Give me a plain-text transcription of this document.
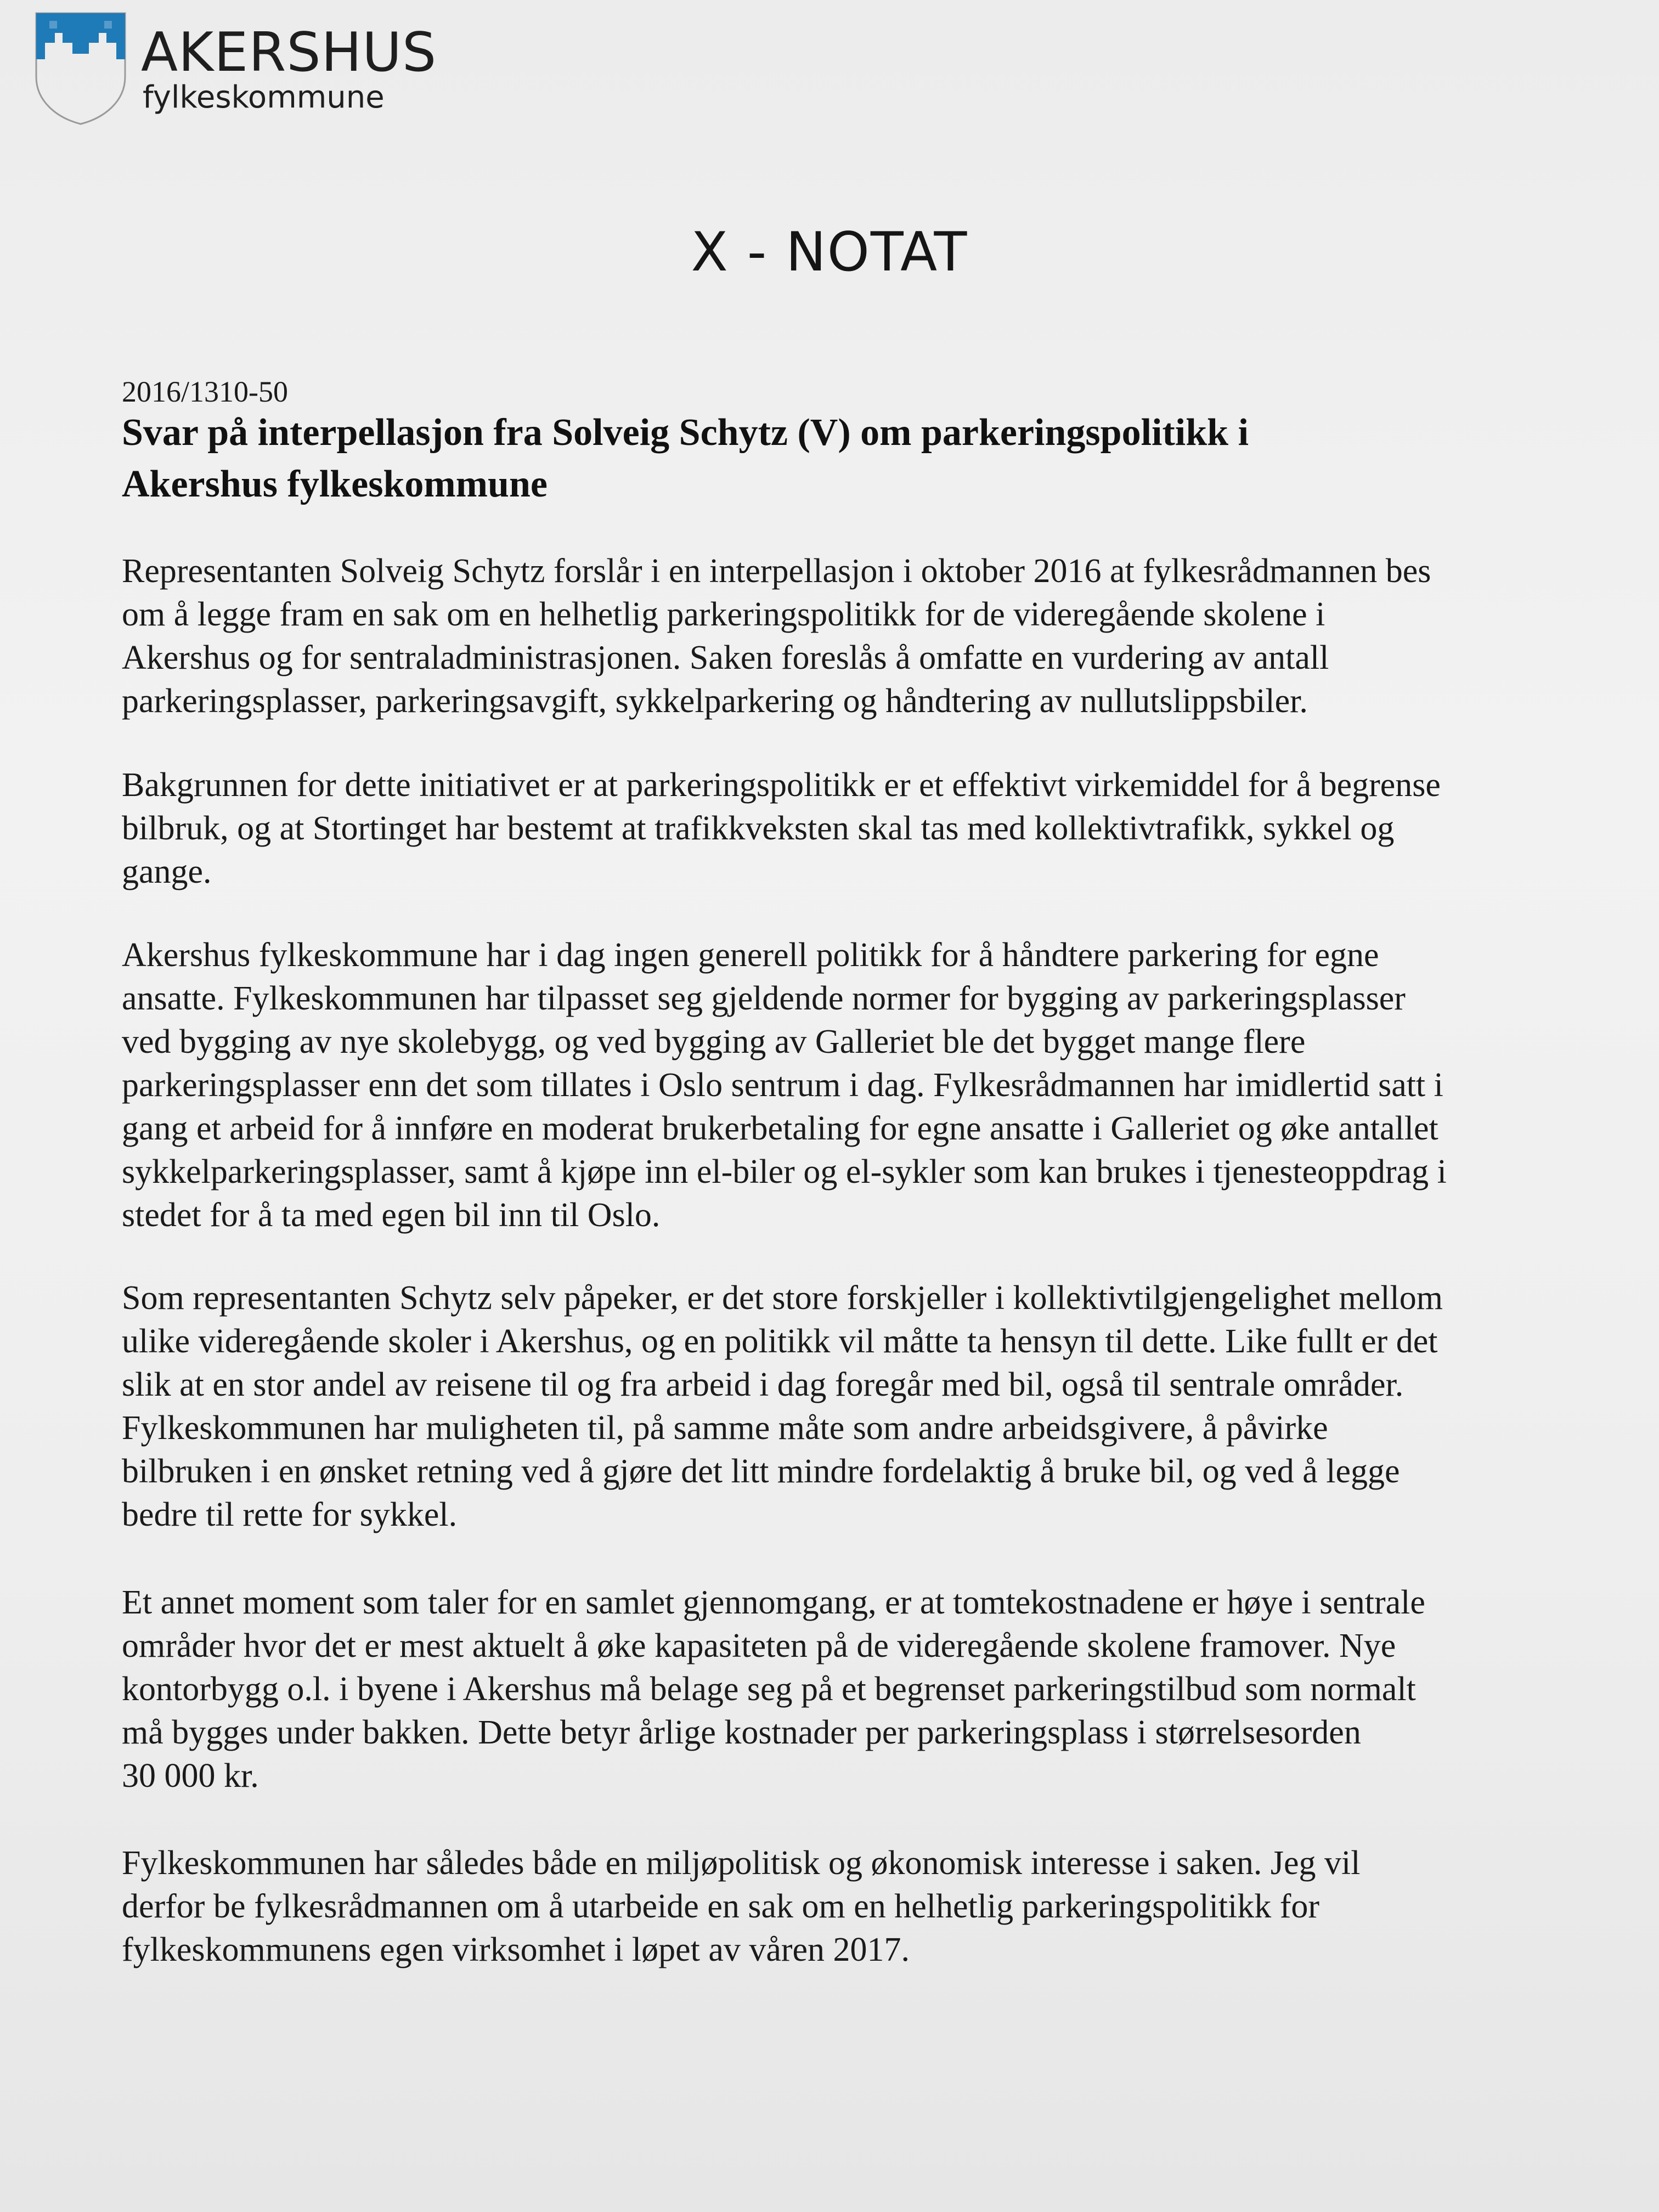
AKERSHUS
fylkeskommune
X - NOTAT
2016/1310-50
Svar på interpellasjon fra Solveig Schytz (V) om parkeringspolitikk i
Akershus fylkeskommune
Representanten Solveig Schytz forslår i en interpellasjon i oktober 2016 at fylkesrådmannen bes
om å legge fram en sak om en helhetlig parkeringspolitikk for de videregående skolene i
Akershus og for sentraladministrasjonen. Saken foreslås å omfatte en vurdering av antall
parkeringsplasser, parkeringsavgift, sykkelparkering og håndtering av nullutslippsbiler.
Bakgrunnen for dette initiativet er at parkeringspolitikk er et effektivt virkemiddel for å begrense
bilbruk, og at Stortinget har bestemt at trafikkveksten skal tas med kollektivtrafikk, sykkel og
gange.
Akershus fylkeskommune har i dag ingen generell politikk for å håndtere parkering for egne
ansatte. Fylkeskommunen har tilpasset seg gjeldende normer for bygging av parkeringsplasser
ved bygging av nye skolebygg, og ved bygging av Galleriet ble det bygget mange flere
parkeringsplasser enn det som tillates i Oslo sentrum i dag. Fylkesrådmannen har imidlertid satt i
gang et arbeid for å innføre en moderat brukerbetaling for egne ansatte i Galleriet og øke antallet
sykkelparkeringsplasser, samt å kjøpe inn el-biler og el-sykler som kan brukes i tjenesteoppdrag i
stedet for å ta med egen bil inn til Oslo.
Som representanten Schytz selv påpeker, er det store forskjeller i kollektivtilgjengelighet mellom
ulike videregående skoler i Akershus, og en politikk vil måtte ta hensyn til dette. Like fullt er det
slik at en stor andel av reisene til og fra arbeid i dag foregår med bil, også til sentrale områder.
Fylkeskommunen har muligheten til, på samme måte som andre arbeidsgivere, å påvirke
bilbruken i en ønsket retning ved å gjøre det litt mindre fordelaktig å bruke bil, og ved å legge
bedre til rette for sykkel.
Et annet moment som taler for en samlet gjennomgang, er at tomtekostnadene er høye i sentrale
områder hvor det er mest aktuelt å øke kapasiteten på de videregående skolene framover. Nye
kontorbygg o.l. i byene i Akershus må belage seg på et begrenset parkeringstilbud som normalt
må bygges under bakken. Dette betyr årlige kostnader per parkeringsplass i størrelsesorden
30 000 kr.
Fylkeskommunen har således både en miljøpolitisk og økonomisk interesse i saken. Jeg vil
derfor be fylkesrådmannen om å utarbeide en sak om en helhetlig parkeringspolitikk for
fylkeskommunens egen virksomhet i løpet av våren 2017.
